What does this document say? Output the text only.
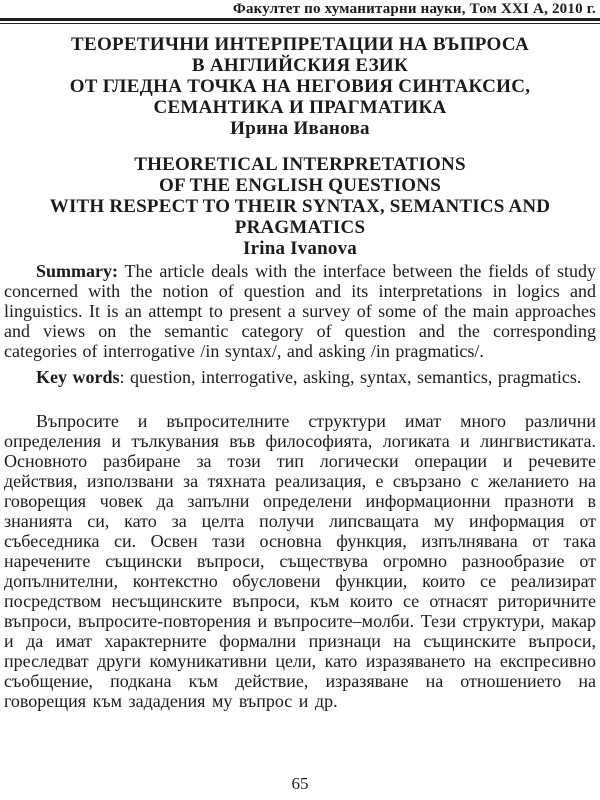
Факултет по хуманитарни науки, Том XXI А, 2010 г.
ТЕОРЕТИЧНИ ИНТЕРПРЕТАЦИИ НА ВЪПРОСА
В АНГЛИЙСКИЯ ЕЗИК
ОТ ГЛЕДНА ТОЧКА НА НЕГОВИЯ СИНТАКСИС,
СЕМАНТИКА И ПРАГМАТИКА
Ирина Иванова
THEORETICAL INTERPRETATIONS
OF THE ENGLISH QUESTIONS
WITH RESPECT TO THEIR SYNTAX, SEMANTICS AND
PRAGMATICS
Irina Ivanova

Summary: The article deals with the interface between the fields of study concerned with the notion of question and its interpretations in logics and linguistics. It is an attempt to present a survey of some of the main approaches and views on the semantic category of question and the corresponding categories of interrogative /in syntax/, and asking /in pragmatics/.

Key words: question, interrogative, asking, syntax, semantics, pragmatics.

Въпросите и въпросителните структури имат много различни определения и тълкувания във философията, логиката и лингвистиката. Основното разбиране за този тип логически операции и речевите действия, използвани за тяхната реализация, е свързано с желанието на говорещия човек да запълни определени информационни празноти в знанията си, като за целта получи липсващата му информация от събеседника си. Освен тази основна функция, изпълнявана от така наречените същински въпроси, съществува огромно разнообразие от допълнителни, контекстно обусловени функции, които се реализират посредством несъщинските въпроси, към които се отнасят риторичните въпроси, въпросите-повторения и въпросите–молби. Тези структури, макар и да имат характерните формални признаци на същинските въпроси, преследват други комуникативни цели, като изразяването на експресивно съобщение, подкана към действие, изразяване на отношението на говорещия към зададения му въпрос и др.

65
